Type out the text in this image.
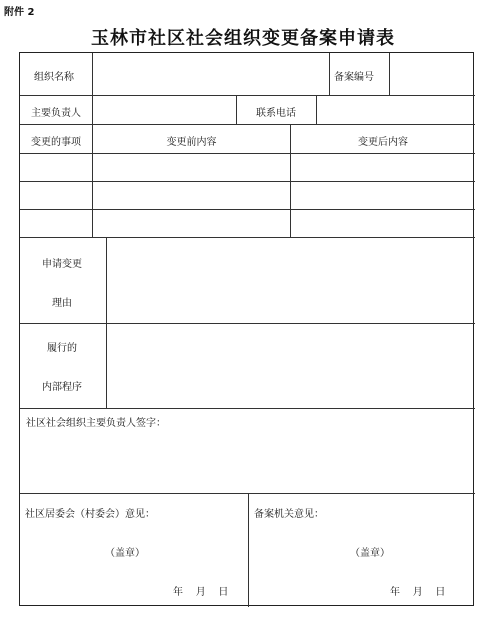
附件 2
玉林市社区社会组织变更备案申请表
组织名称	备案编号
主要负责人	联系电话
变更的事项	变更前内容	变更后内容
申请变更
理由
履行的
内部程序
社区社会组织主要负责人签字：
社区居委会（村委会）意见：
（盖章）
年    月    日
备案机关意见：
（盖章）
年    月    日
